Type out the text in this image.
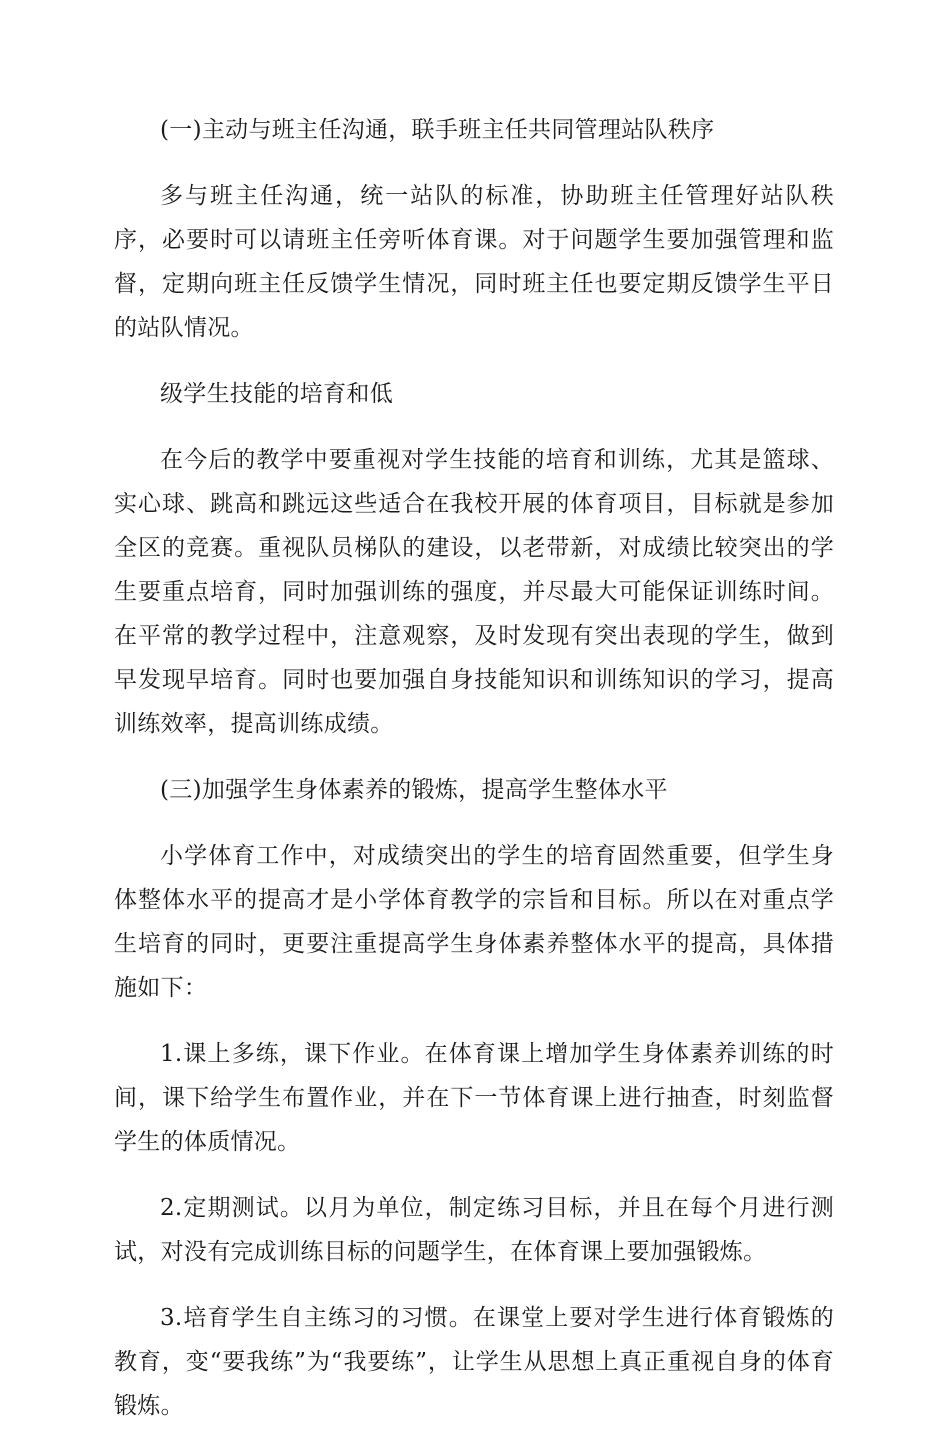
(一)主动与班主任沟通，联手班主任共同管理站队秩序

多与班主任沟通，统一站队的标准，协助班主任管理好站队秩序，必要时可以请班主任旁听体育课。对于问题学生要加强管理和监督，定期向班主任反馈学生情况，同时班主任也要定期反馈学生平日的站队情况。

级学生技能的培育和低

在今后的教学中要重视对学生技能的培育和训练，尤其是篮球、实心球、跳高和跳远这些适合在我校开展的体育项目，目标就是参加全区的竞赛。重视队员梯队的建设，以老带新，对成绩比较突出的学生要重点培育，同时加强训练的强度，并尽最大可能保证训练时间。在平常的教学过程中，注意观察，及时发现有突出表现的学生，做到早发现早培育。同时也要加强自身技能知识和训练知识的学习，提高训练效率，提高训练成绩。

(三)加强学生身体素养的锻炼，提高学生整体水平

小学体育工作中，对成绩突出的学生的培育固然重要，但学生身体整体水平的提高才是小学体育教学的宗旨和目标。所以在对重点学生培育的同时，更要注重提高学生身体素养整体水平的提高，具体措施如下：

1.课上多练，课下作业。在体育课上增加学生身体素养训练的时间，课下给学生布置作业，并在下一节体育课上进行抽查，时刻监督学生的体质情况。

2.定期测试。以月为单位，制定练习目标，并且在每个月进行测试，对没有完成训练目标的问题学生，在体育课上要加强锻炼。

3.培育学生自主练习的习惯。在课堂上要对学生进行体育锻炼的教育，变“要我练”为“我要练”，让学生从思想上真正重视自身的体育锻炼。
